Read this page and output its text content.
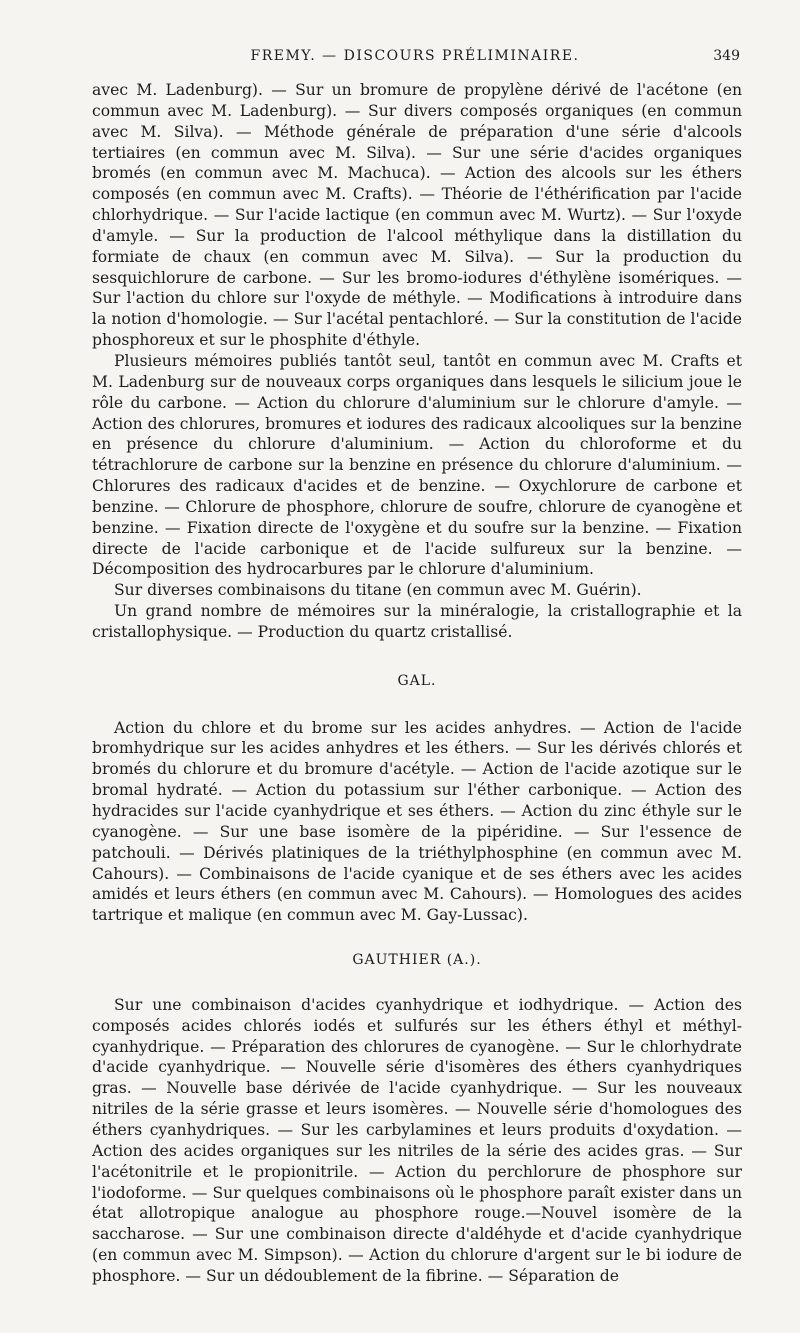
FREMY. — DISCOURS PRÉLIMINAIRE.	349

avec M. Ladenburg). — Sur un bromure de propylène dérivé de l'acétone (en commun avec M. Ladenburg). — Sur divers composés organiques (en commun avec M. Silva). — Méthode générale de préparation d'une série d'alcools tertiaires (en commun avec M. Silva). — Sur une série d'acides organiques bromés (en commun avec M. Machuca). — Action des alcools sur les éthers composés (en commun avec M. Crafts). — Théorie de l'éthérification par l'acide chlorhydrique. — Sur l'acide lactique (en commun avec M. Wurtz). — Sur l'oxyde d'amyle. — Sur la production de l'alcool méthylique dans la distillation du formiate de chaux (en commun avec M. Silva). — Sur la production du sesquichlorure de carbone. — Sur les bromo-iodures d'éthylène isomériques. — Sur l'action du chlore sur l'oxyde de méthyle. — Modifications à introduire dans la notion d'homologie. — Sur l'acétal pentachloré. — Sur la constitution de l'acide phosphoreux et sur le phosphite d'éthyle.

Plusieurs mémoires publiés tantôt seul, tantôt en commun avec M. Crafts et M. Ladenburg sur de nouveaux corps organiques dans lesquels le silicium joue le rôle du carbone. — Action du chlorure d'aluminium sur le chlorure d'amyle. — Action des chlorures, bromures et iodures des radicaux alcooliques sur la benzine en présence du chlorure d'aluminium. — Action du chloroforme et du tétrachlorure de carbone sur la benzine en présence du chlorure d'aluminium. — Chlorures des radicaux d'acides et de benzine. — Oxychlorure de carbone et benzine. — Chlorure de phosphore, chlorure de soufre, chlorure de cyanogène et benzine. — Fixation directe de l'oxygène et du soufre sur la benzine. — Fixation directe de l'acide carbonique et de l'acide sulfureux sur la benzine. — Décomposition des hydrocarbures par le chlorure d'aluminium.

Sur diverses combinaisons du titane (en commun avec M. Guérin).

Un grand nombre de mémoires sur la minéralogie, la cristallographie et la cristallophysique. — Production du quartz cristallisé.

GAL.

Action du chlore et du brome sur les acides anhydres. — Action de l'acide bromhydrique sur les acides anhydres et les éthers. — Sur les dérivés chlorés et bromés du chlorure et du bromure d'acétyle. — Action de l'acide azotique sur le bromal hydraté. — Action du potassium sur l'éther carbonique. — Action des hydracides sur l'acide cyanhydrique et ses éthers. — Action du zinc éthyle sur le cyanogène. — Sur une base isomère de la pipéridine. — Sur l'essence de patchouli. — Dérivés platiniques de la triéthylphosphine (en commun avec M. Cahours). — Combinaisons de l'acide cyanique et de ses éthers avec les acides amidés et leurs éthers (en commun avec M. Cahours). — Homologues des acides tartrique et malique (en commun avec M. Gay-Lussac).

GAUTHIER (A.).

Sur une combinaison d'acides cyanhydrique et iodhydrique. — Action des composés acides chlorés iodés et sulfurés sur les éthers éthyl et méthyl-cyanhydrique. — Préparation des chlorures de cyanogène. — Sur le chlorhydrate d'acide cyanhydrique. — Nouvelle série d'isomères des éthers cyanhydriques gras. — Nouvelle base dérivée de l'acide cyanhydrique. — Sur les nouveaux nitriles de la série grasse et leurs isomères. — Nouvelle série d'homologues des éthers cyanhydriques. — Sur les carbylamines et leurs produits d'oxydation. — Action des acides organiques sur les nitriles de la série des acides gras. — Sur l'acétonitrile et le propionitrile. — Action du perchlorure de phosphore sur l'iodoforme. — Sur quelques combinaisons où le phosphore paraît exister dans un état allotropique analogue au phosphore rouge.—Nouvel isomère de la saccharose. — Sur une combinaison directe d'aldéhyde et d'acide cyanhydrique (en commun avec M. Simpson). — Action du chlorure d'argent sur le bi iodure de phosphore. — Sur un dédoublement de la fibrine. — Séparation de
